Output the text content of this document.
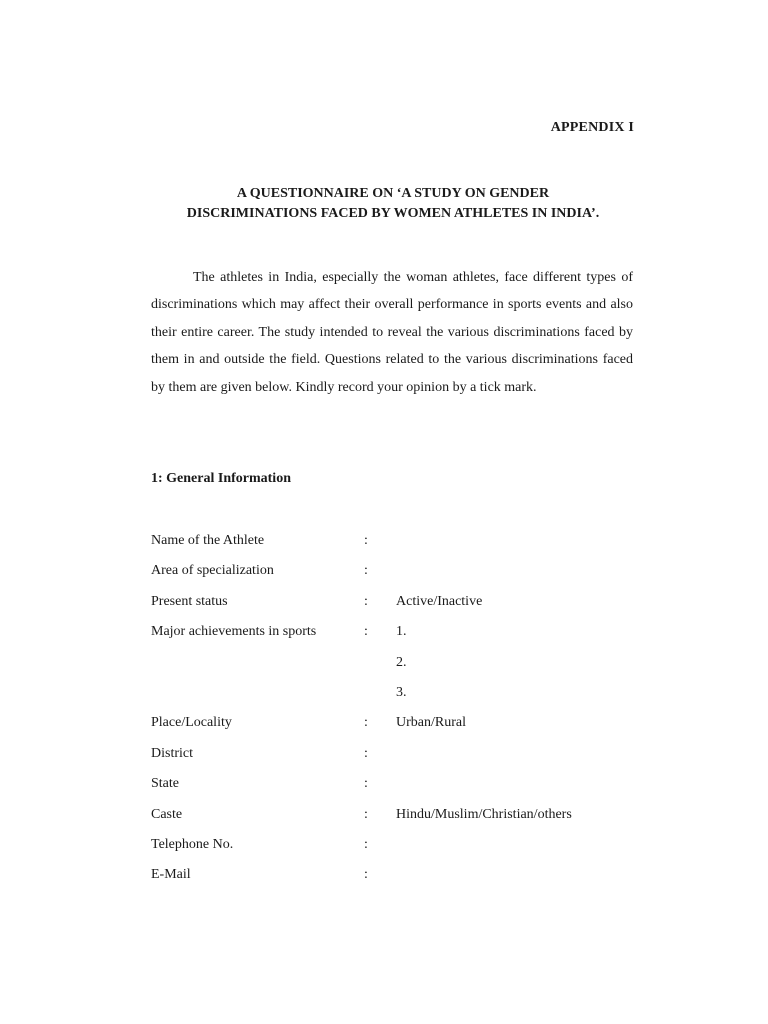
APPENDIX I
A QUESTIONNAIRE ON ‘A STUDY ON GENDER
DISCRIMINATIONS FACED BY WOMEN ATHLETES IN INDIA’.

The athletes in India, especially the woman athletes, face different types of discriminations which may affect their overall performance in sports events and also their entire career. The study intended to reveal the various discriminations faced by them in and outside the field. Questions related to the various discriminations faced by them are given below. Kindly record your opinion by a tick mark.

1: General Information
Name of the Athlete	:
Area of specialization	:
Present status	: Active/Inactive
Major achievements in sports	: 1.
2.
3.
Place/Locality	: Urban/Rural
District	:
State	:
Caste	: Hindu/Muslim/Christian/others
Telephone No.	:
E-Mail	:
